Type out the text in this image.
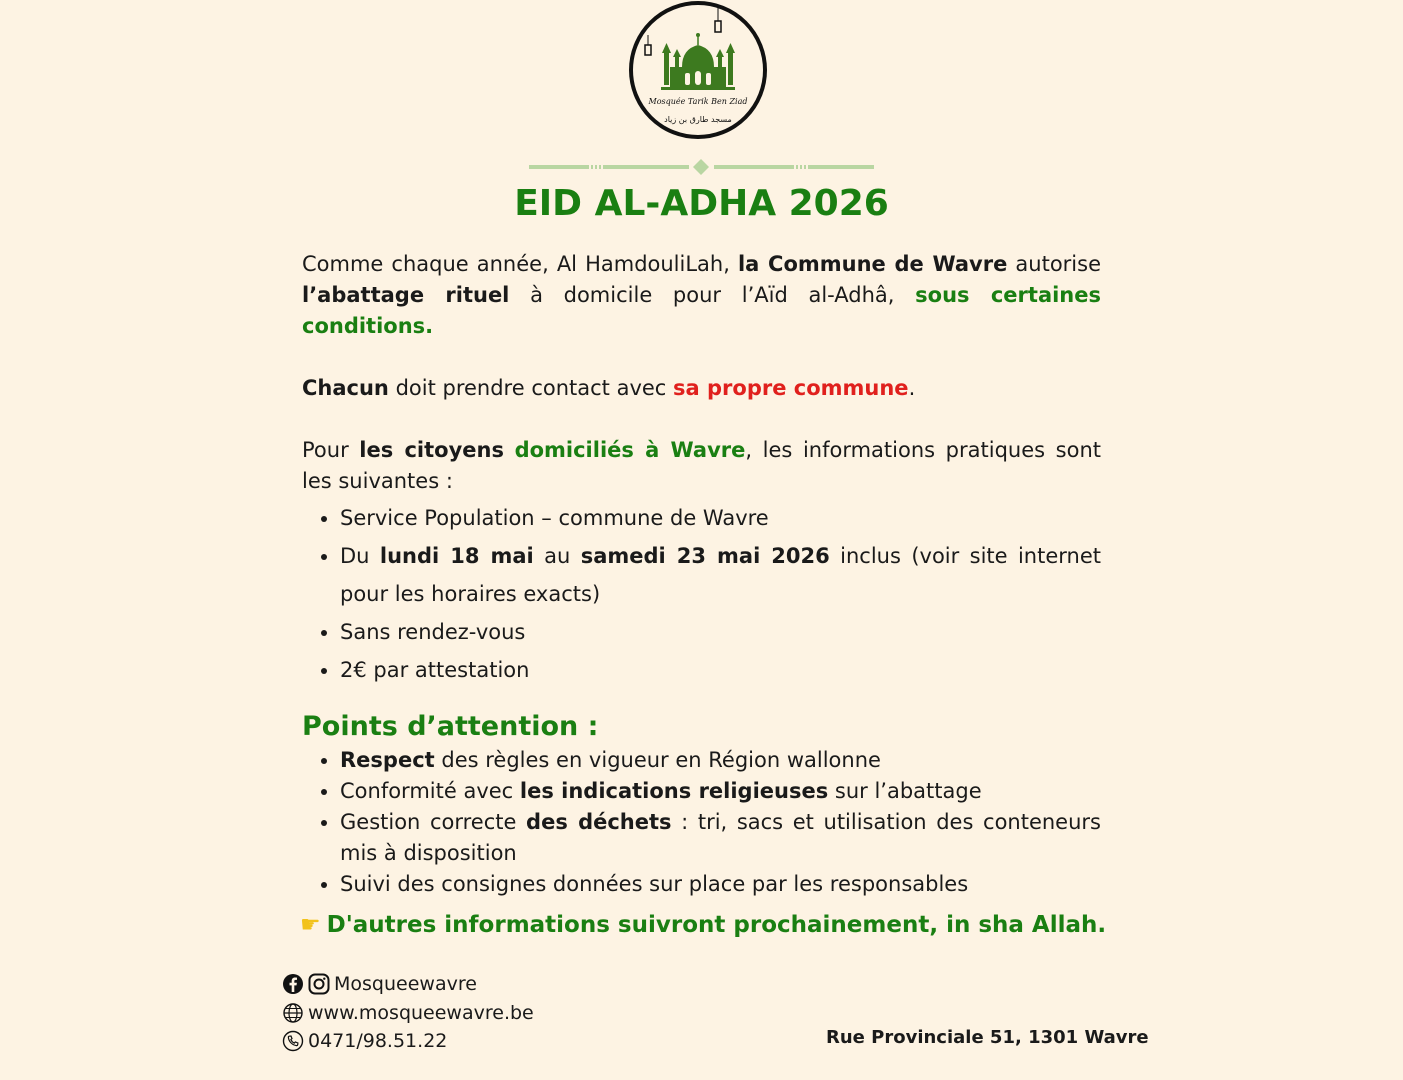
Mosquée Tarik Ben Ziad
مسجد طارق بن زياد
EID AL-ADHA 2026

Comme chaque année, Al HamdouliLah, la Commune de Wavre autorise l’abattage rituel à domicile pour l’Aïd al-Adhâ, sous certaines conditions.

Chacun doit prendre contact avec sa propre commune.

Pour les citoyens domiciliés à Wavre, les informations pratiques sont les suivantes :

• Service Population – commune de Wavre
• Du lundi 18 mai au samedi 23 mai 2026 inclus (voir site internet pour les horaires exacts)
• Sans rendez-vous
• 2€ par attestation
Points d’attention :
• Respect des règles en vigueur en Région wallonne
• Conformité avec les indications religieuses sur l’abattage
• Gestion correcte des déchets : tri, sacs et utilisation des conteneurs mis à disposition
• Suivi des consignes données sur place par les responsables
☛ D'autres informations suivront prochainement, in sha Allah.
Mosqueewavre
www.mosqueewavre.be
0471/98.51.22	Rue Provinciale 51, 1301 Wavre
